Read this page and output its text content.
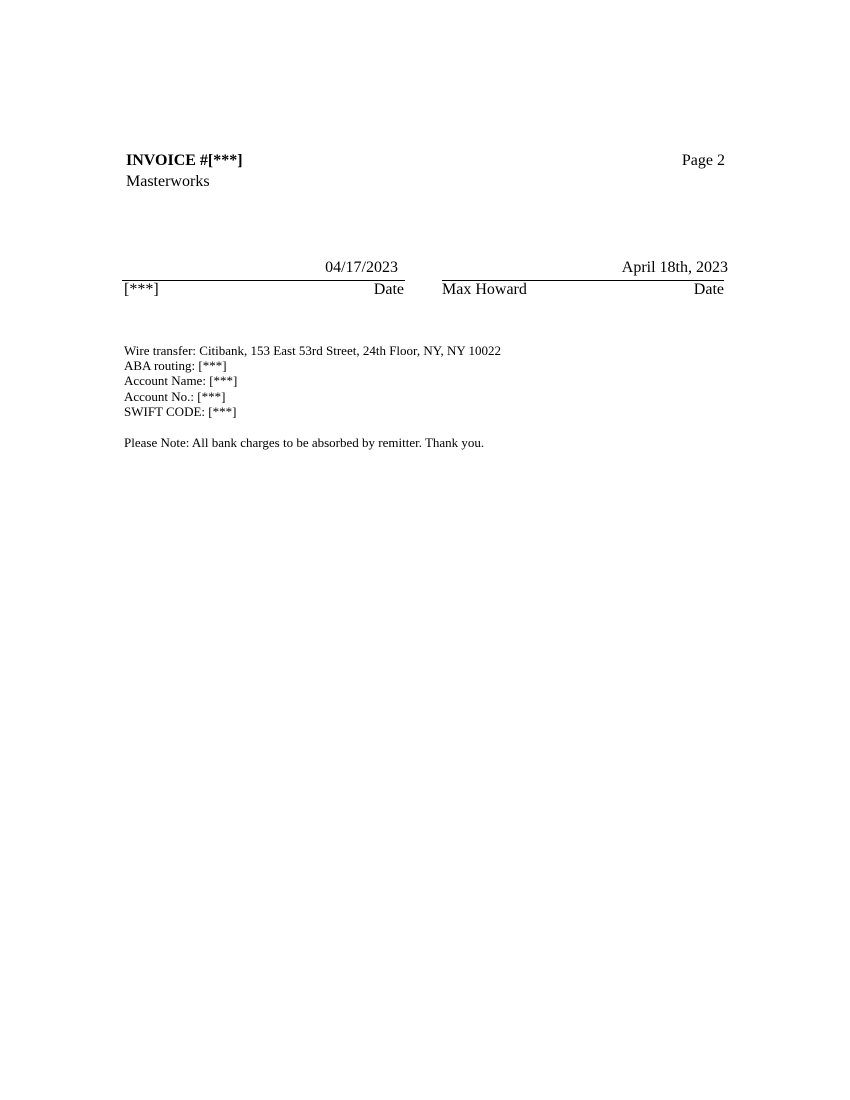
INVOICE #[***]
Masterworks
Page 2
04/17/2023
[***]	Date
April 18th, 2023
Max Howard	Date

Wire transfer: Citibank, 153 East 53rd Street, 24th Floor, NY, NY 10022

ABA routing: [***]

Account Name: [***]

Account No.: [***]

SWIFT CODE: [***]

Please Note: All bank charges to be absorbed by remitter. Thank you.
